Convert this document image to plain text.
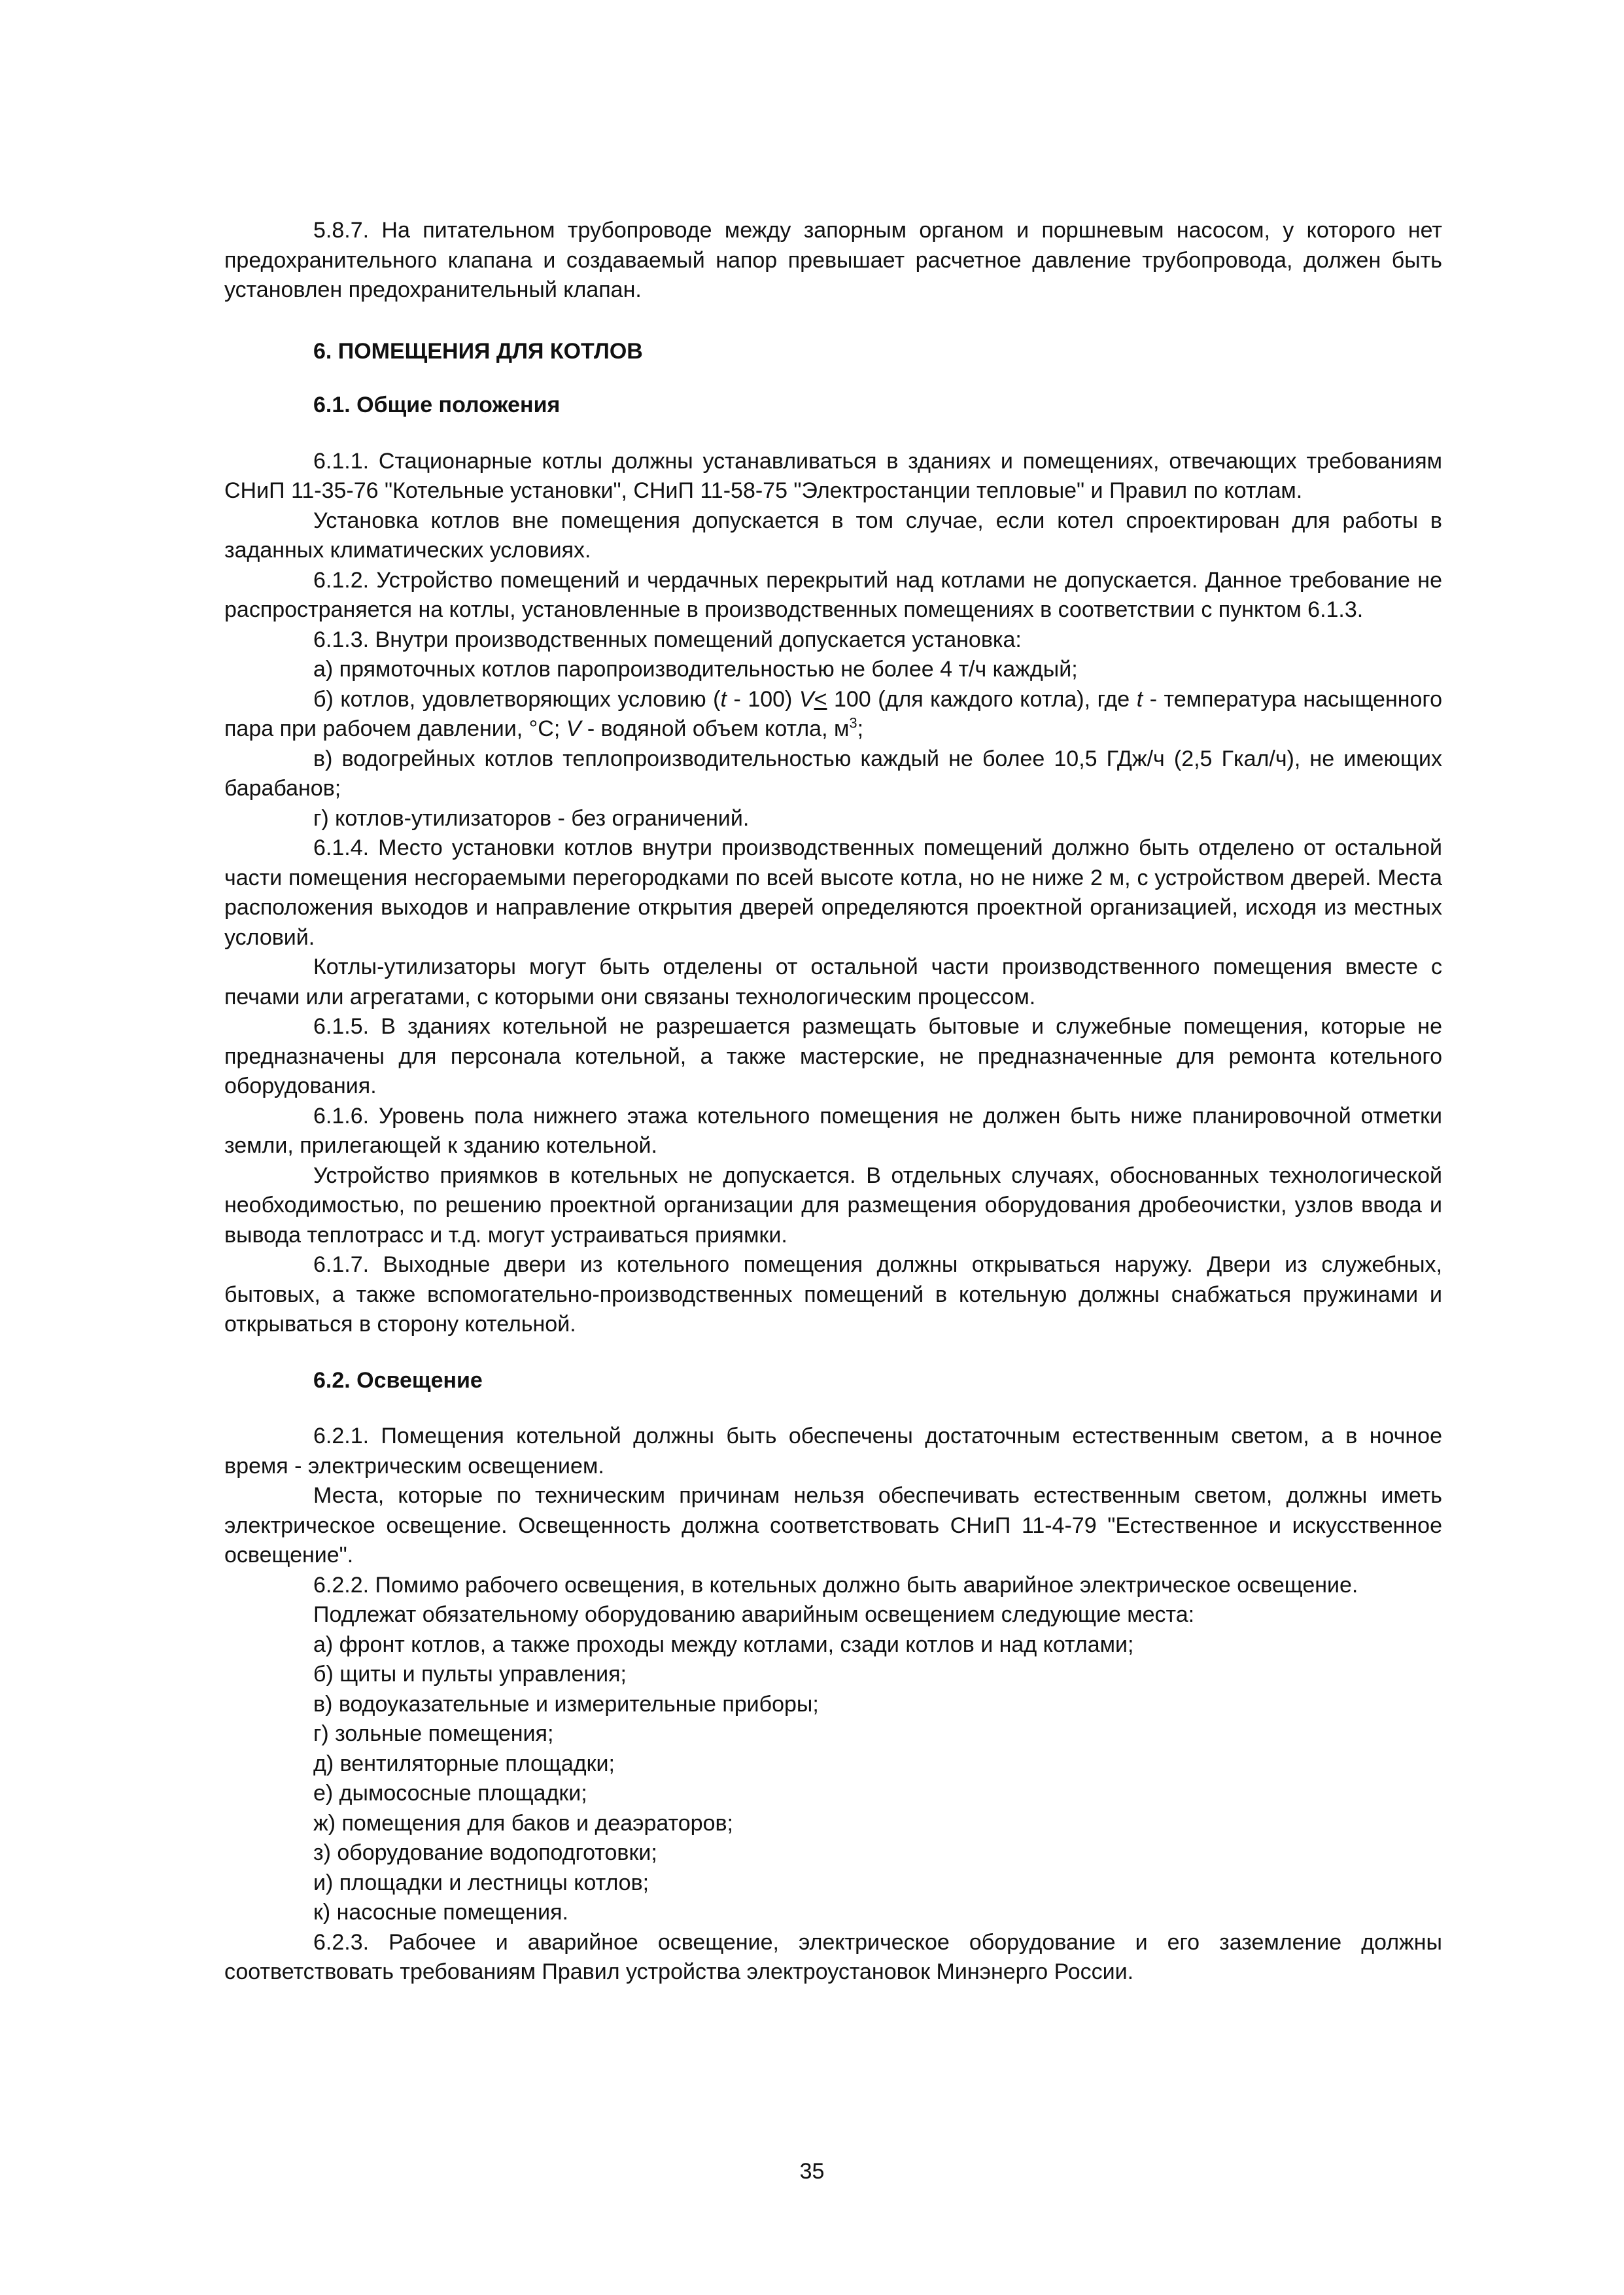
5.8.7. На питательном трубопроводе между запорным органом и поршневым насосом, у которого нет предохранительного клапана и создаваемый напор превышает расчетное давление трубопровода, должен быть установлен предохранительный клапан.

6. ПОМЕЩЕНИЯ ДЛЯ КОТЛОВ
6.1. Общие положения

6.1.1. Стационарные котлы должны устанавливаться в зданиях и помещениях, отвечающих требованиям СНиП 11-35-76 "Котельные установки", СНиП 11-58-75 "Электростанции тепловые" и Правил по котлам.

Установка котлов вне помещения допускается в том случае, если котел спроектирован для работы в заданных климатических условиях.

6.1.2. Устройство помещений и чердачных перекрытий над котлами не допускается. Данное требование не распространяется на котлы, установленные в производственных помещениях в соответствии с пунктом 6.1.3.

6.1.3. Внутри производственных помещений допускается установка:

а) прямоточных котлов паропроизводительностью не более 4 т/ч каждый;

б) котлов, удовлетворяющих условию (t - 100) V≤ 100 (для каждого котла), где t - температура насыщенного пара при рабочем давлении, °С; V - водяной объем котла, $м^3$;

в) водогрейных котлов теплопроизводительностью каждый не более 10,5 ГДж/ч (2,5 Гкал/ч), не имеющих барабанов;

г) котлов-утилизаторов - без ограничений.

6.1.4. Место установки котлов внутри производственных помещений должно быть отделено от остальной части помещения несгораемыми перегородками по всей высоте котла, но не ниже 2 м, с устройством дверей. Места расположения выходов и направление открытия дверей определяются проектной организацией, исходя из местных условий.

Котлы-утилизаторы могут быть отделены от остальной части производственного помещения вместе с печами или агрегатами, с которыми они связаны технологическим процессом.

6.1.5. В зданиях котельной не разрешается размещать бытовые и служебные помещения, которые не предназначены для персонала котельной, а также мастерские, не предназначенные для ремонта котельного оборудования.

6.1.6. Уровень пола нижнего этажа котельного помещения не должен быть ниже планировочной отметки земли, прилегающей к зданию котельной.

Устройство приямков в котельных не допускается. В отдельных случаях, обоснованных технологической необходимостью, по решению проектной организации для размещения оборудования дробеочистки, узлов ввода и вывода теплотрасс и т.д. могут устраиваться приямки.

6.1.7. Выходные двери из котельного помещения должны открываться наружу. Двери из служебных, бытовых, а также вспомогательно-производственных помещений в котельную должны снабжаться пружинами и открываться в сторону котельной.

6.2. Освещение

6.2.1. Помещения котельной должны быть обеспечены достаточным естественным светом, а в ночное время - электрическим освещением.

Места, которые по техническим причинам нельзя обеспечивать естественным светом, должны иметь электрическое освещение. Освещенность должна соответствовать СНиП 11-4-79 "Естественное и искусственное освещение".

6.2.2. Помимо рабочего освещения, в котельных должно быть аварийное электрическое освещение.

Подлежат обязательному оборудованию аварийным освещением следующие места:

а) фронт котлов, а также проходы между котлами, сзади котлов и над котлами;

б) щиты и пульты управления;

в) водоуказательные и измерительные приборы;

г) зольные помещения;

д) вентиляторные площадки;

е) дымососные площадки;

ж) помещения для баков и деаэраторов;

з) оборудование водоподготовки;

и) площадки и лестницы котлов;

к) насосные помещения.

6.2.3. Рабочее и аварийное освещение, электрическое оборудование и его заземление должны соответствовать требованиям Правил устройства электроустановок Минэнерго России.

35
